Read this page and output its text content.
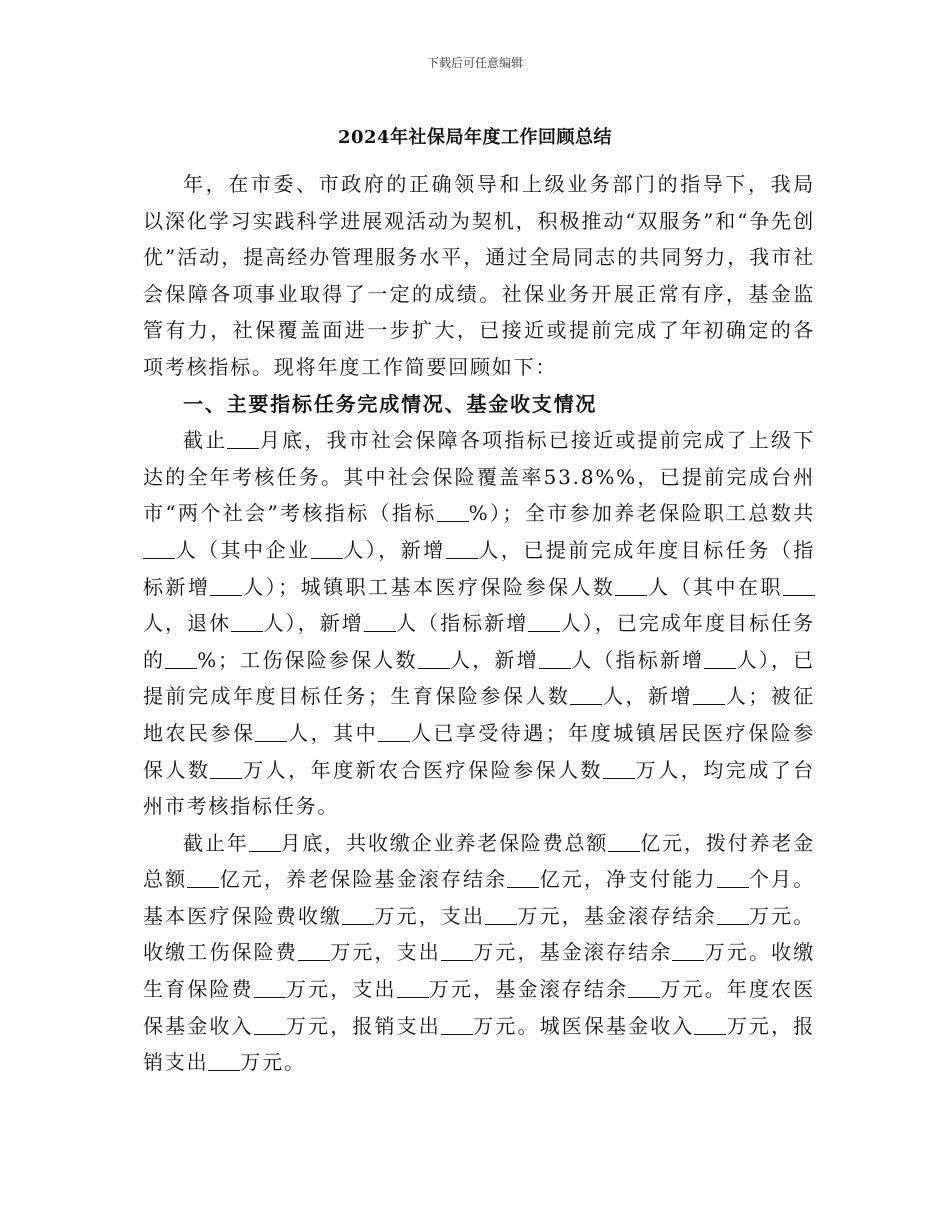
下载后可任意编辑
2024年社保局年度工作回顾总结

年，在市委、市政府的正确领导和上级业务部门的指导下，我局以深化学习实践科学进展观活动为契机，积极推动“双服务”和“争先创优”活动，提高经办管理服务水平，通过全局同志的共同努力，我市社会保障各项事业取得了一定的成绩。社保业务开展正常有序，基金监管有力，社保覆盖面进一步扩大，已接近或提前完成了年初确定的各项考核指标。现将年度工作简要回顾如下：

一、主要指标任务完成情况、基金收支情况

截止 月底，我市社会保障各项指标已接近或提前完成了上级下达的全年考核任务。其中社会保险覆盖率53.8%%，已提前完成台州市“两个社会”考核指标（指标 %）；全市参加养老保险职工总数共人（其中企业 人），新增 人，已提前完成年度目标任务（指标新增 人）；城镇职工基本医疗保险参保人数 人（其中在职人，退休 人），新增 人（指标新增 人），已完成年度目标任务的 %；工伤保险参保人数 人，新增 人（指标新增 人），已提前完成年度目标任务；生育保险参保人数 人，新增 人；被征地农民参保 人，其中 人已享受待遇；年度城镇居民医疗保险参保人数 万人，年度新农合医疗保险参保人数 万人，均完成了台州市考核指标任务。

截止年 月底，共收缴企业养老保险费总额 亿元，拨付养老金总额 亿元，养老保险基金滚存结余 亿元，净支付能力 个月。基本医疗保险费收缴 万元，支出 万元，基金滚存结余 万元。收缴工伤保险费 万元，支出 万元，基金滚存结余 万元。收缴生育保险费 万元，支出 万元，基金滚存结余 万元。年度农医保基金收入 万元，报销支出 万元。城医保基金收入 万元，报销支出 万元。
